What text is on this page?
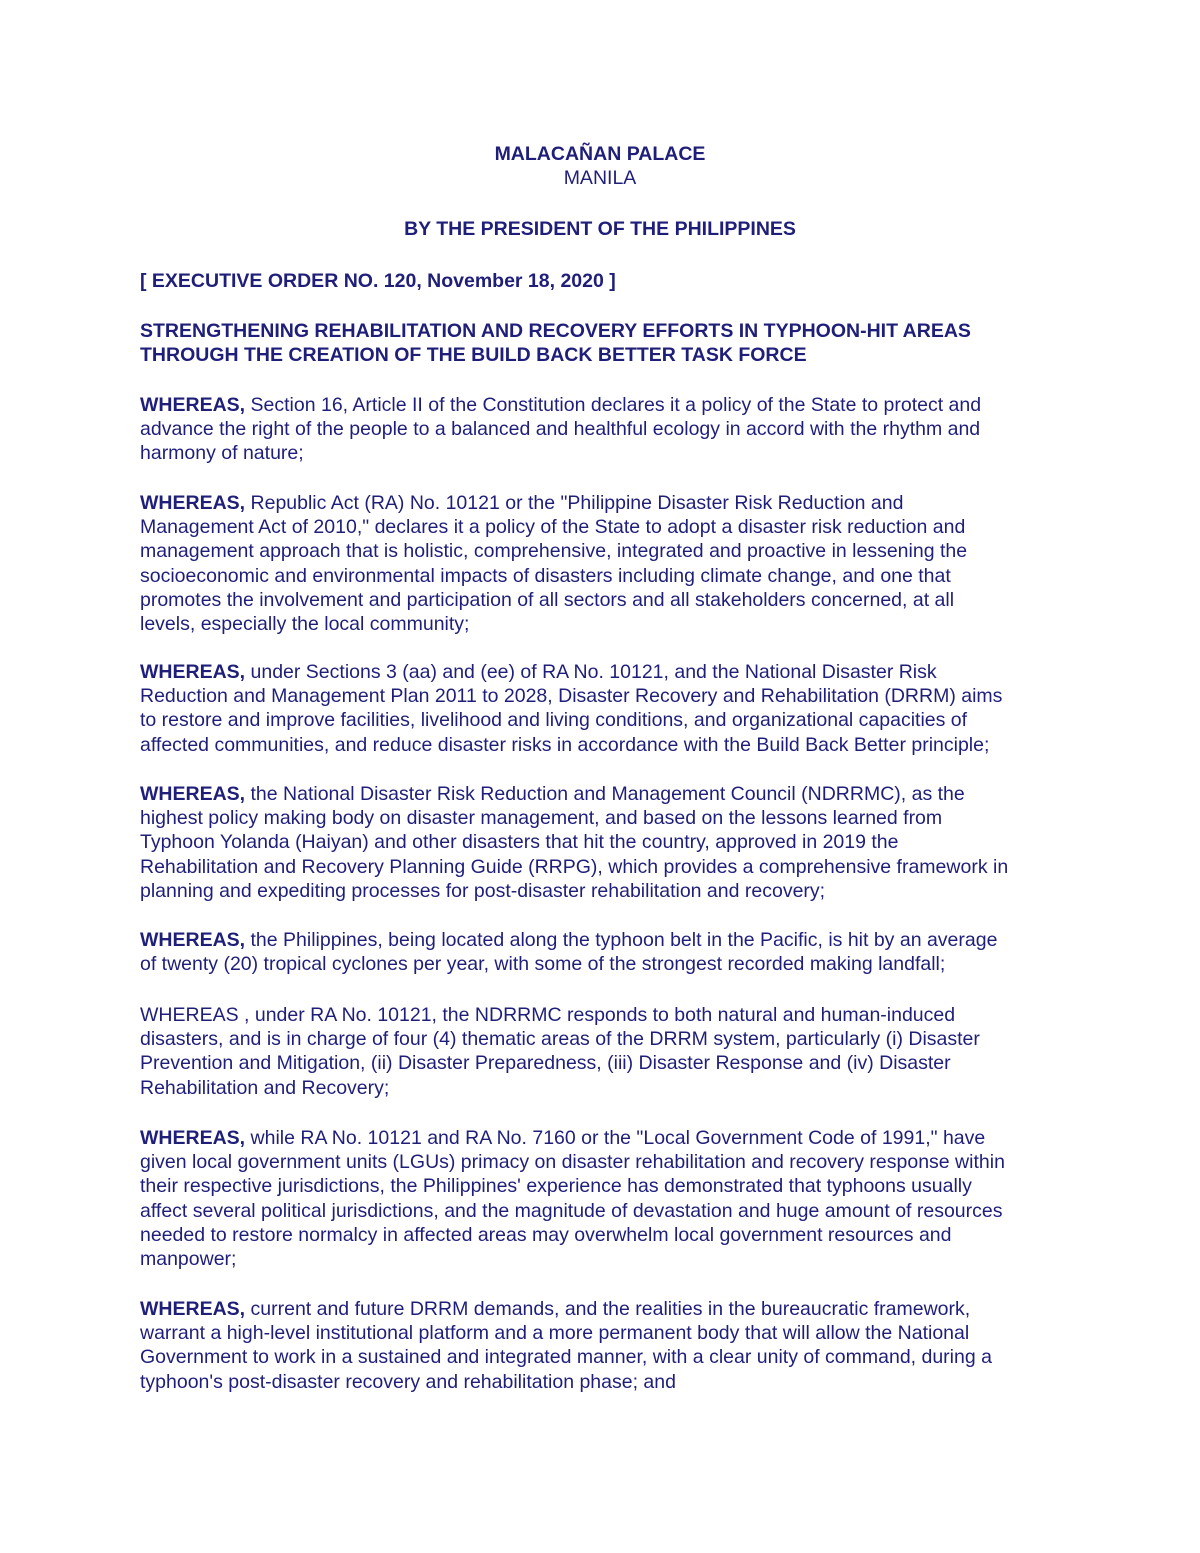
MALACAÑAN PALACE
MANILA
BY THE PRESIDENT OF THE PHILIPPINES
[ EXECUTIVE ORDER NO. 120, November 18, 2020 ]
STRENGTHENING REHABILITATION AND RECOVERY EFFORTS IN TYPHOON-HIT AREAS
THROUGH THE CREATION OF THE BUILD BACK BETTER TASK FORCE
WHEREAS, Section 16, Article II of the Constitution declares it a policy of the State to protect and
advance the right of the people to a balanced and healthful ecology in accord with the rhythm and
harmony of nature;
WHEREAS, Republic Act (RA) No. 10121 or the "Philippine Disaster Risk Reduction and
Management Act of 2010," declares it a policy of the State to adopt a disaster risk reduction and
management approach that is holistic, comprehensive, integrated and proactive in lessening the
socioeconomic and environmental impacts of disasters including climate change, and one that
promotes the involvement and participation of all sectors and all stakeholders concerned, at all
levels, especially the local community;
WHEREAS, under Sections 3 (aa) and (ee) of RA No. 10121, and the National Disaster Risk
Reduction and Management Plan 2011 to 2028, Disaster Recovery and Rehabilitation (DRRM) aims
to restore and improve facilities, livelihood and living conditions, and organizational capacities of
affected communities, and reduce disaster risks in accordance with the Build Back Better principle;
WHEREAS, the National Disaster Risk Reduction and Management Council (NDRRMC), as the
highest policy making body on disaster management, and based on the lessons learned from
Typhoon Yolanda (Haiyan) and other disasters that hit the country, approved in 2019 the
Rehabilitation and Recovery Planning Guide (RRPG), which provides a comprehensive framework in
planning and expediting processes for post-disaster rehabilitation and recovery;
WHEREAS, the Philippines, being located along the typhoon belt in the Pacific, is hit by an average
of twenty (20) tropical cyclones per year, with some of the strongest recorded making landfall;
WHEREAS , under RA No. 10121, the NDRRMC responds to both natural and human-induced
disasters, and is in charge of four (4) thematic areas of the DRRM system, particularly (i) Disaster
Prevention and Mitigation, (ii) Disaster Preparedness, (iii) Disaster Response and (iv) Disaster
Rehabilitation and Recovery;
WHEREAS, while RA No. 10121 and RA No. 7160 or the "Local Government Code of 1991," have
given local government units (LGUs) primacy on disaster rehabilitation and recovery response within
their respective jurisdictions, the Philippines' experience has demonstrated that typhoons usually
affect several political jurisdictions, and the magnitude of devastation and huge amount of resources
needed to restore normalcy in affected areas may overwhelm local government resources and
manpower;
WHEREAS, current and future DRRM demands, and the realities in the bureaucratic framework,
warrant a high-level institutional platform and a more permanent body that will allow the National
Government to work in a sustained and integrated manner, with a clear unity of command, during a
typhoon's post-disaster recovery and rehabilitation phase; and
